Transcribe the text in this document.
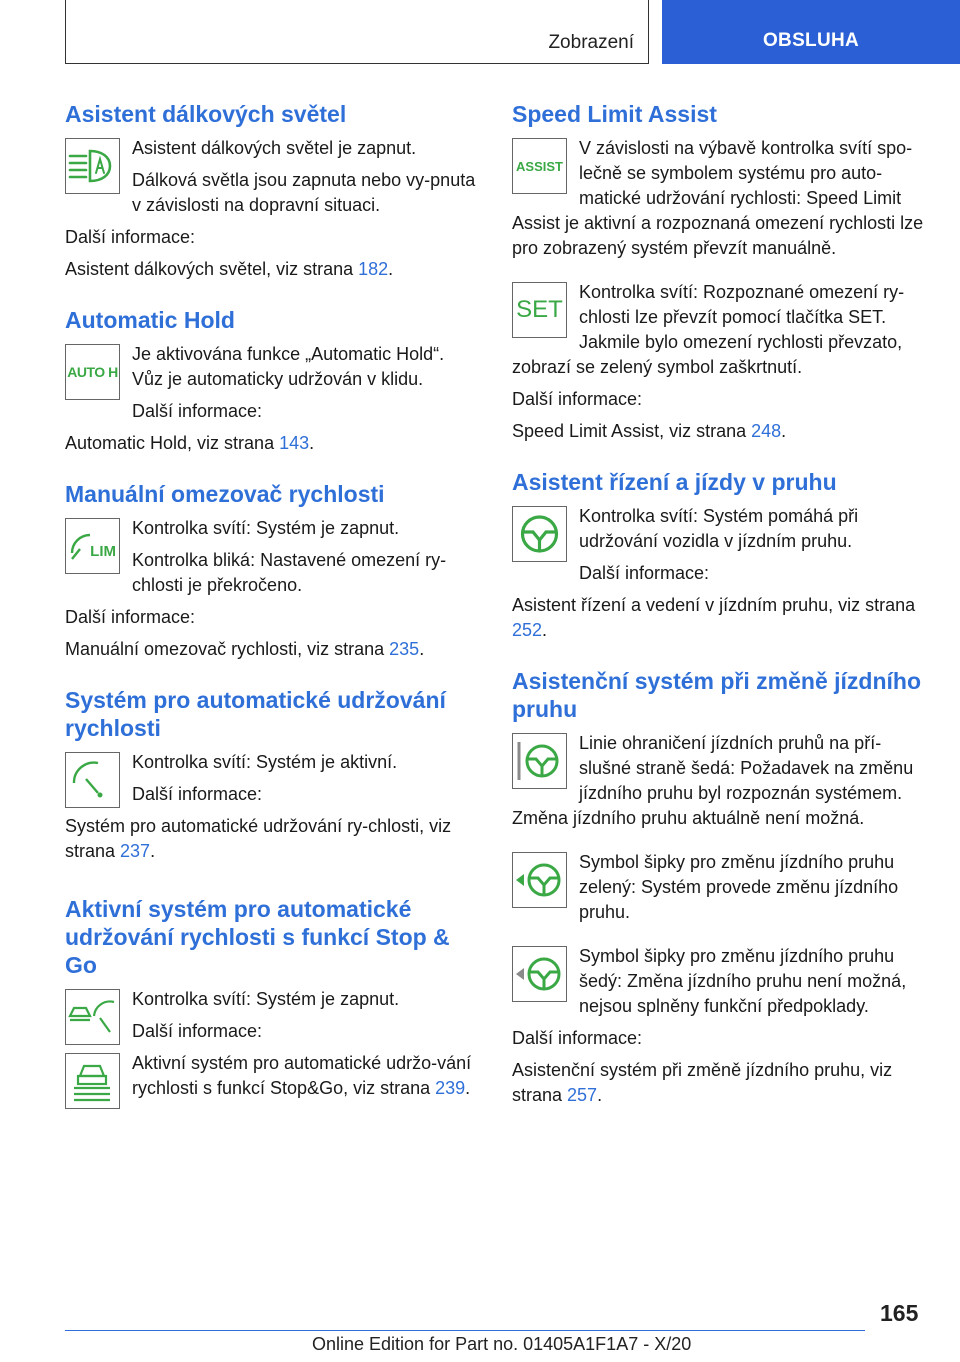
Zobrazení	OBSLUHA
Asistent dálkových světel

Asistent dálkových světel je zapnut.

Dálková světla jsou zapnuta nebo vy-pnuta v závislosti na dopravní situaci.

Další informace:

Asistent dálkových světel, viz strana 182.

Automatic Hold
AUTO H

Je aktivována funkce „Automatic Hold“. Vůz je automaticky udržován v klidu.

Další informace:

Automatic Hold, viz strana 143.

Manuální omezovač rychlosti
LIM

Kontrolka svítí: Systém je zapnut.

Kontrolka bliká: Nastavené omezení ry-chlosti je překročeno.

Další informace:

Manuální omezovač rychlosti, viz strana 235.

Systém pro automatické udržování rychlosti

Kontrolka svítí: Systém je aktivní.

Další informace:

Systém pro automatické udržování ry-chlosti, viz strana 237.

Aktivní systém pro automatické udržování rychlosti s funkcí Stop & Go

Kontrolka svítí: Systém je zapnut.

Další informace:

Aktivní systém pro automatické udržo-vání rychlosti s funkcí Stop&Go, viz strana 239.

Speed Limit Assist
ASSIST

V závislosti na výbavě kontrolka svítí spo-lečně se symbolem systému pro auto-matické udržování rychlosti: Speed Limit Assist je aktivní a rozpoznaná omezení rychlosti lze pro zobrazený systém převzít manuálně.

SET

Kontrolka svítí: Rozpoznané omezení ry-chlosti lze převzít pomocí tlačítka SET. Jakmile bylo omezení rychlosti převzato, zobrazí se zelený symbol zaškrtnutí.

Další informace:

Speed Limit Assist, viz strana 248.

Asistent řízení a jízdy v pruhu

Kontrolka svítí: Systém pomáhá při udržování vozidla v jízdním pruhu.

Další informace:

Asistent řízení a vedení v jízdním pruhu, viz strana 252.

Asistenční systém při změně jízdního pruhu

Linie ohraničení jízdních pruhů na pří-slušné straně šedá: Požadavek na změnu jízdního pruhu byl rozpoznán systémem. Změna jízdního pruhu aktuálně není možná.

Symbol šipky pro změnu jízdního pruhu zelený: Systém provede změnu jízdního pruhu.

Symbol šipky pro změnu jízdního pruhu šedý: Změna jízdního pruhu není možná, nejsou splněny funkční předpoklady.

Další informace:

Asistenční systém při změně jízdního pruhu, viz strana 257.

165
Online Edition for Part no. 01405A1F1A7 - X/20
